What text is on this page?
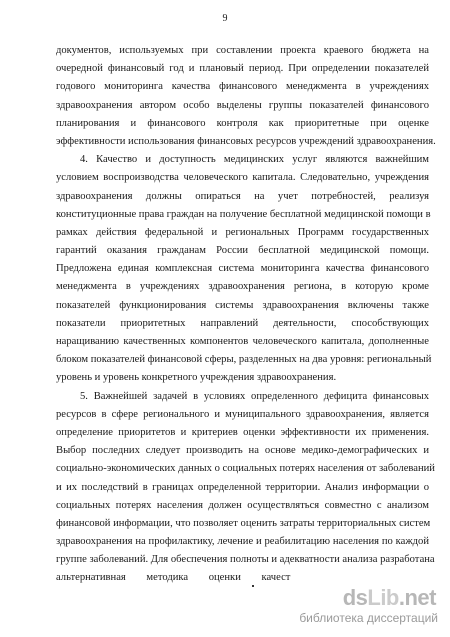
9
документов, используемых при составлении проекта краевого бюджета на
очередной финансовый год и плановый период. При определении показателей
годового мониторинга качества финансового менеджмента в учреждениях
здравоохранения автором особо выделены группы показателей финансового
планирования и финансового контроля как приоритетные при оценке
эффективности использования финансовых ресурсов учреждений здравоохранения.
4. Качество и доступность медицинских услуг являются важнейшим
условием воспроизводства человеческого капитала. Следовательно, учреждения
здравоохранения должны опираться на учет потребностей, реализуя
конституционные права граждан на получение бесплатной медицинской помощи в
рамках действия федеральной и региональных Программ государственных
гарантий оказания гражданам России бесплатной медицинской помощи.
Предложена единая комплексная система мониторинга качества финансового
менеджмента в учреждениях здравоохранения региона, в которую кроме
показателей функционирования системы здравоохранения включены также
показатели приоритетных направлений деятельности, способствующих
наращиванию качественных компонентов человеческого капитала, дополненные
блоком показателей финансовой сферы, разделенных на два уровня: региональный
уровень и уровень конкретного учреждения здравоохранения.
5. Важнейшей задачей в условиях определенного дефицита финансовых
ресурсов в сфере регионального и муниципального здравоохранения, является
определение приоритетов и критериев оценки эффективности их применения.
Выбор последних следует производить на основе медико-демографических и
социально-экономических данных о социальных потерях населения от заболеваний
и их последствий в границах определенной территории. Анализ информации о
социальных потерях населения должен осуществляться совместно с анализом
финансовой информации, что позволяет оценить затраты территориальных систем
здравоохранения на профилактику, лечение и реабилитацию населения по каждой
группе заболеваний. Для обеспечения полноты и адекватности анализа разработана
альтернативная методика оценки качест
dsLib.net
библиотека диссертаций
